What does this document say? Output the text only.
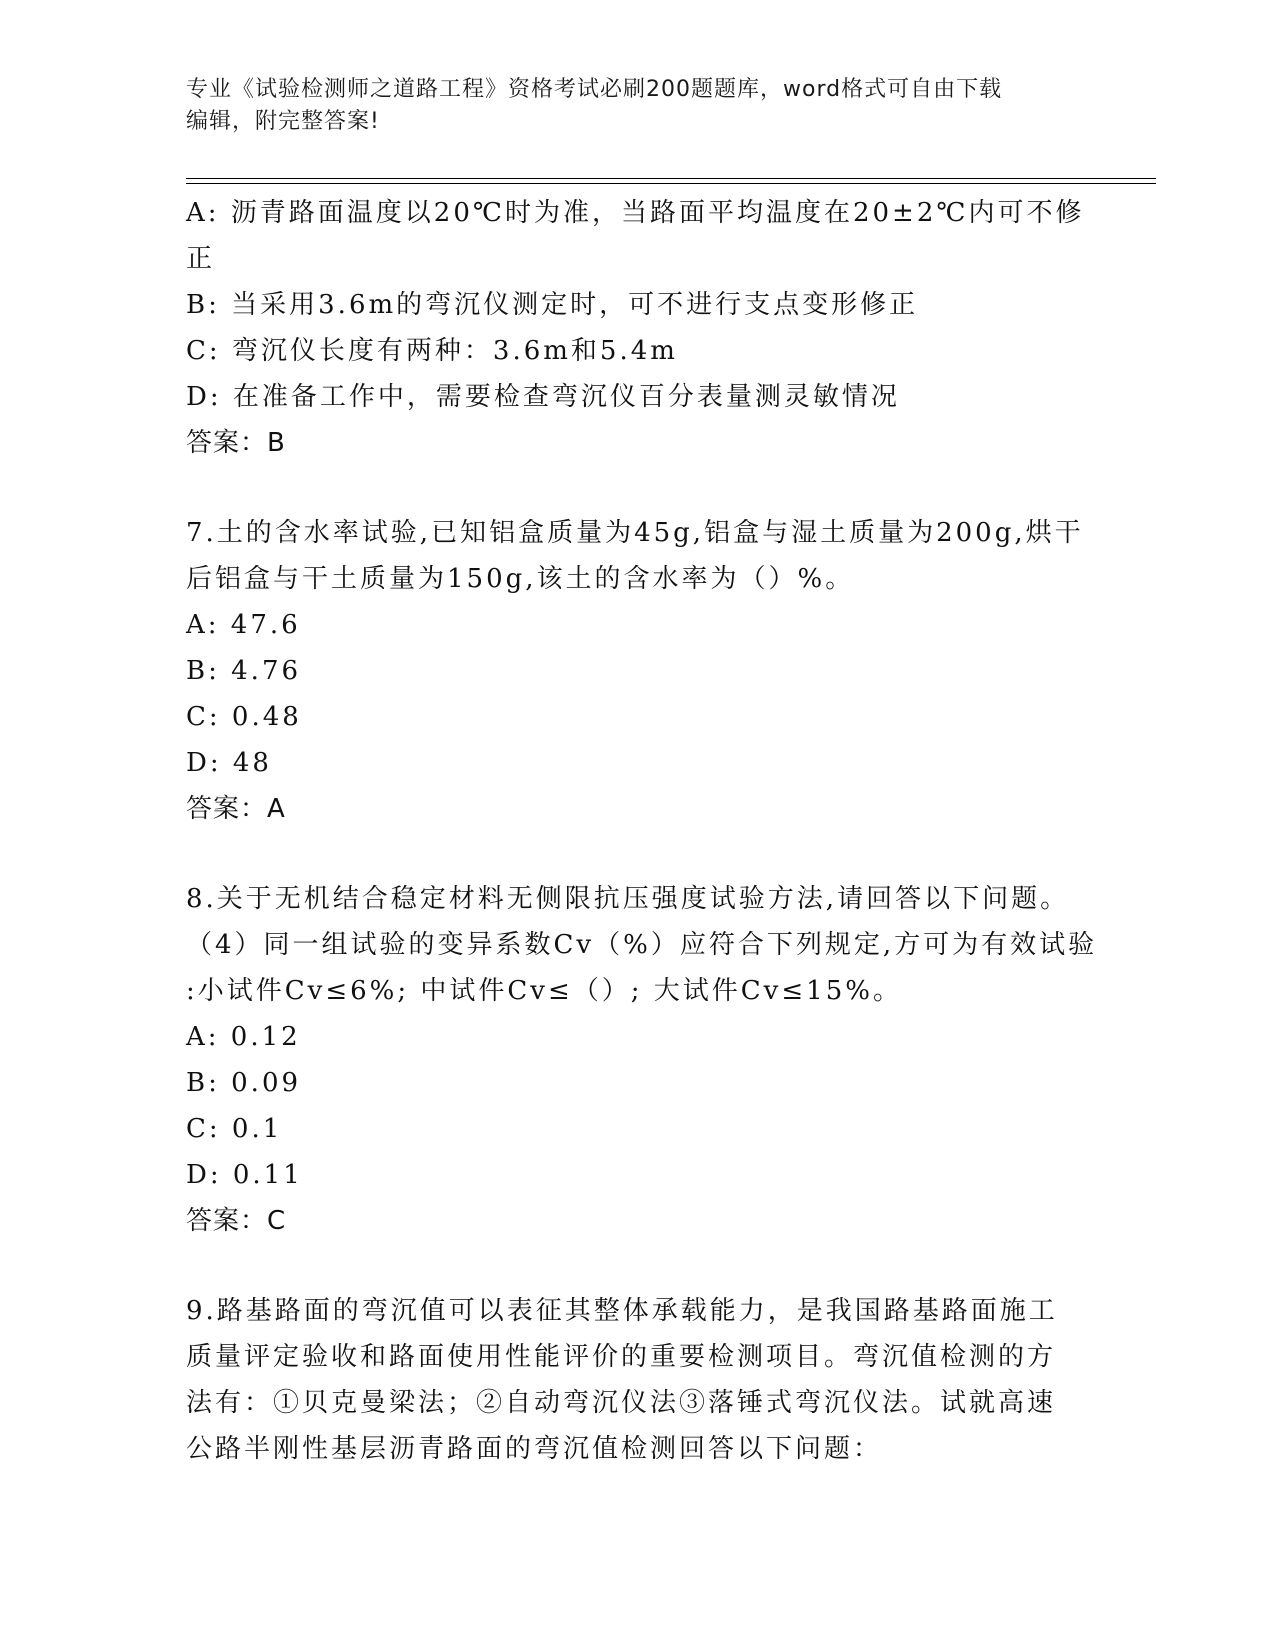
专业《试验检测师之道路工程》资格考试必刷200题题库，word格式可自由下载
编辑，附完整答案!
A: 沥青路面温度以20℃时为准，当路面平均温度在20±2℃内可不修
正
B: 当采用3.6m的弯沉仪测定时，可不进行支点变形修正
C: 弯沉仪长度有两种：3.6m和5.4m
D: 在准备工作中，需要检查弯沉仪百分表量测灵敏情况
答案：B
7.土的含水率试验,已知铝盒质量为45g,铝盒与湿土质量为200g,烘干
后铝盒与干土质量为150g,该土的含水率为（）%。
A: 47.6
B: 4.76
C: 0.48
D: 48
答案：A
8.关于无机结合稳定材料无侧限抗压强度试验方法,请回答以下问题。
（4）同一组试验的变异系数Cv（%）应符合下列规定,方可为有效试验
:小试件Cv≤6%; 中试件Cv≤（）; 大试件Cv≤15%。
A: 0.12
B: 0.09
C: 0.1
D: 0.11
答案：C
9.路基路面的弯沉值可以表征其整体承载能力，是我国路基路面施工
质量评定验收和路面使用性能评价的重要检测项目。弯沉值检测的方
法有：①贝克曼梁法；②自动弯沉仪法③落锤式弯沉仪法。试就高速
公路半刚性基层沥青路面的弯沉值检测回答以下问题：
